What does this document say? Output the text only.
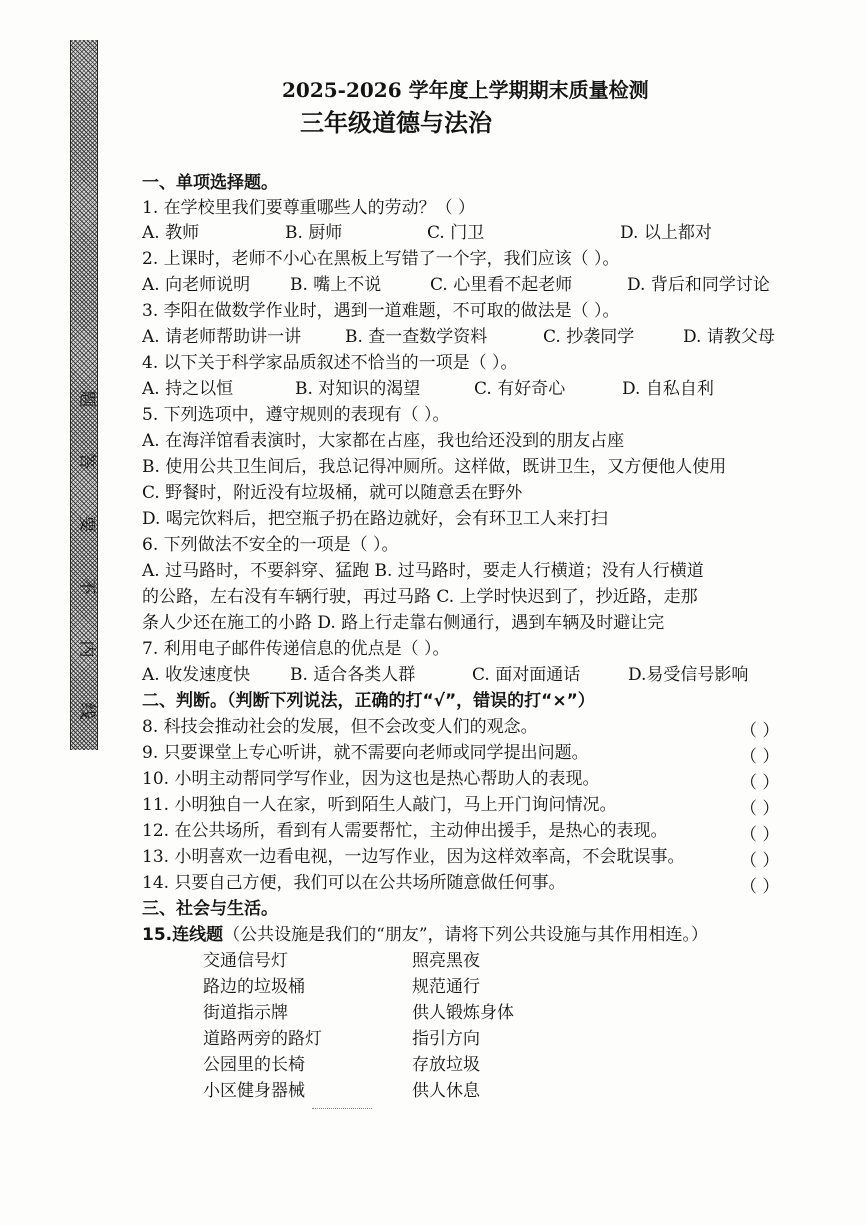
题
答
要
不
内
线
2025-2026 学年度上学期期末质量检测
三年级道德与法治
一、单项选择题。
1. 在学校里我们要尊重哪些人的劳动？（ ）
A. 教师	B. 厨师	C. 门卫	D. 以上都对
2. 上课时，老师不小心在黑板上写错了一个字，我们应该（ ）。
A. 向老师说明 B. 嘴上不说	C. 心里看不起老师	D. 背后和同学讨论
3. 李阳在做数学作业时，遇到一道难题，不可取的做法是（ ）。
A. 请老师帮助讲一讲	B. 查一查数学资料	C. 抄袭同学	D. 请教父母
4. 以下关于科学家品质叙述不恰当的一项是（ ）。
A. 持之以恒	B. 对知识的渴望	C. 有好奇心	D. 自私自利
5. 下列选项中，遵守规则的表现有（ ）。
A. 在海洋馆看表演时，大家都在占座，我也给还没到的朋友占座
B. 使用公共卫生间后，我总记得冲厕所。这样做，既讲卫生，又方便他人使用
C. 野餐时，附近没有垃圾桶，就可以随意丢在野外
D. 喝完饮料后，把空瓶子扔在路边就好，会有环卫工人来打扫
6. 下列做法不安全的一项是（ ）。
A. 过马路时，不要斜穿、猛跑 B. 过马路时，要走人行横道；没有人行横道
的公路，左右没有车辆行驶，再过马路 C. 上学时快迟到了，抄近路，走那
条人少还在施工的小路 D. 路上行走靠右侧通行，遇到车辆及时避让完
7. 利用电子邮件传递信息的优点是（ ）。
A. 收发速度快 B. 适合各类人群	C. 面对面通话	D.易受信号影响
二、判断。（判断下列说法，正确的打“√”，错误的打“×”）
8. 科技会推动社会的发展，但不会改变人们的观念。	（ ）
9. 只要课堂上专心听讲，就不需要向老师或同学提出问题。	（ ）
10. 小明主动帮同学写作业，因为这也是热心帮助人的表现。	（ ）
11. 小明独自一人在家，听到陌生人敲门，马上开门询问情况。	（ ）
12. 在公共场所，看到有人需要帮忙，主动伸出援手，是热心的表现。	（ ）
13. 小明喜欢一边看电视，一边写作业，因为这样效率高，不会耽误事。	（ ）
14. 只要自己方便，我们可以在公共场所随意做任何事。	（ ）
三、社会与生活。
15.连线题（公共设施是我们的“朋友”，请将下列公共设施与其作用相连。）
交通信号灯	照亮黑夜
路边的垃圾桶	规范通行
街道指示牌	供人锻炼身体
道路两旁的路灯	指引方向
公园里的长椅	存放垃圾
小区健身器械	供人休息
